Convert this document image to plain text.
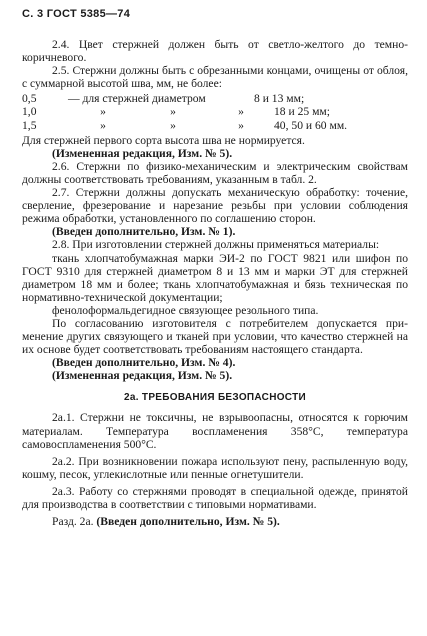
С. 3 ГОСТ 5385—74

2.4. Цвет стержней должен быть от светло-желтого до темнокоричневого.

2.5. Стержни должны быть с обрезанными концами, очищены от облоя, с суммарной высотой шва, мм, не более:

0,5	— для стержней диаметром	8 и 13 мм;
1,0	»	»	»	18 и 25 мм;
1,5	»	»	»	40, 50 и 60 мм.

Для стержней первого сорта высота шва не нормируется.

(Измененная редакция, Изм. № 5).

2.6. Стержни по физико-механическим и электрическим свойствам должны соответствовать требованиям, указанным в табл. 2.

2.7. Стержни должны допускать механическую обработку: точение, сверление, фрезерование и нарезание резьбы при условии соблюдения режима обработки, установленного по соглашению сторон.

(Введен дополнительно, Изм. № 1).

2.8. При изготовлении стержней должны применяться материалы:

ткань хлопчатобумажная марки ЭИ-2 по ГОСТ 9821 или шифон по ГОСТ 9310 для стержней диаметром 8 и 13 мм и марки ЭТ для стержней диаметром 18 мм и более; ткань хлопчатобумажная и бязь техническая по нормативно-технической документации;

фенолоформальдегидное связующее резольного типа.

По согласованию изготовителя с потребителем допускается применение других связующего и тканей при условии, что качество стержней на их основе будет соответствовать требованиям настоящего стандарта.

(Введен дополнительно, Изм. № 4).

(Измененная редакция, Изм. № 5).

2а. ТРЕБОВАНИЯ БЕЗОПАСНОСТИ

2а.1. Стержни не токсичны, не взрывоопасны, относятся к горючим материалам. Температура воспламенения 358°С, температура самовоспламенения 500°С.

2а.2. При возникновении пожара используют пену, распыленную воду, кошму, песок, углекислотные или пенные огнетушители.

2а.3. Работу со стержнями проводят в специальной одежде, принятой для производства в соответствии с типовыми нормативами.

Разд. 2а. (Введен дополнительно, Изм. № 5).
